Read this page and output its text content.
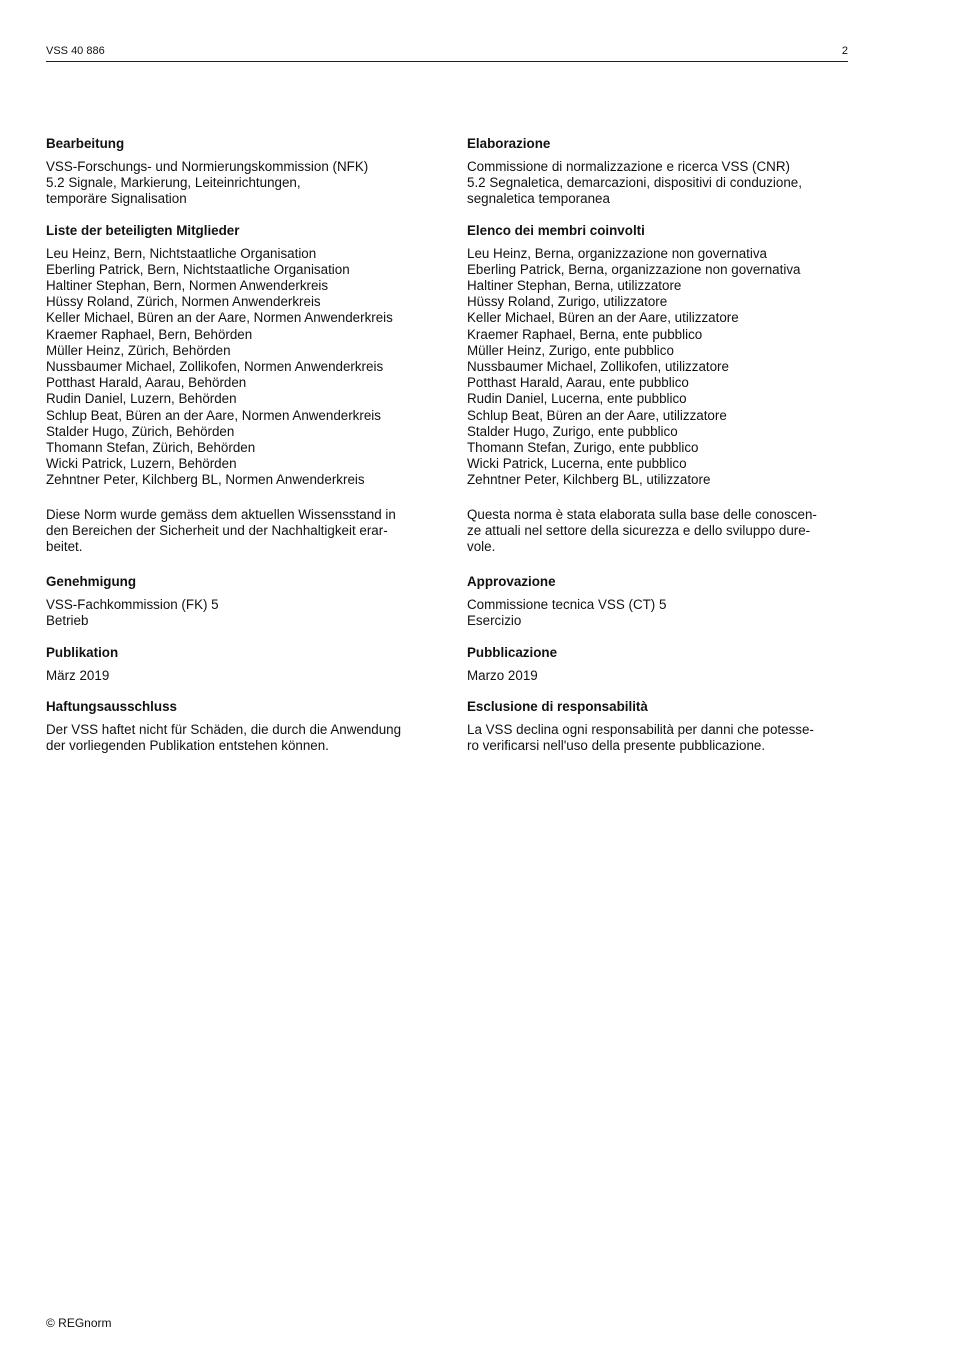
VSS 40 886	2
Bearbeitung

VSS-Forschungs- und Normierungskommission (NFK)

5.2 Signale, Markierung, Leiteinrichtungen,

temporäre Signalisation

Liste der beteiligten Mitglieder

Leu Heinz, Bern, Nichtstaatliche Organisation

Eberling Patrick, Bern, Nichtstaatliche Organisation

Haltiner Stephan, Bern, Normen Anwenderkreis

Hüssy Roland, Zürich, Normen Anwenderkreis

Keller Michael, Büren an der Aare, Normen Anwenderkreis

Kraemer Raphael, Bern, Behörden

Müller Heinz, Zürich, Behörden

Nussbaumer Michael, Zollikofen, Normen Anwenderkreis

Potthast Harald, Aarau, Behörden

Rudin Daniel, Luzern, Behörden

Schlup Beat, Büren an der Aare, Normen Anwenderkreis

Stalder Hugo, Zürich, Behörden

Thomann Stefan, Zürich, Behörden

Wicki Patrick, Luzern, Behörden

Zehntner Peter, Kilchberg BL, Normen Anwenderkreis

Diese Norm wurde gemäss dem aktuellen Wissensstand in

den Bereichen der Sicherheit und der Nachhaltigkeit erar-

beitet.

Genehmigung

VSS-Fachkommission (FK) 5

Betrieb

Publikation

März 2019

Haftungsausschluss

Der VSS haftet nicht für Schäden, die durch die Anwendung

der vorliegenden Publikation entstehen können.

Elaborazione

Commissione di normalizzazione e ricerca VSS (CNR)

5.2 Segnaletica, demarcazioni, dispositivi di conduzione,

segnaletica temporanea

Elenco dei membri coinvolti

Leu Heinz, Berna, organizzazione non governativa

Eberling Patrick, Berna, organizzazione non governativa

Haltiner Stephan, Berna, utilizzatore

Hüssy Roland, Zurigo, utilizzatore

Keller Michael, Büren an der Aare, utilizzatore

Kraemer Raphael, Berna, ente pubblico

Müller Heinz, Zurigo, ente pubblico

Nussbaumer Michael, Zollikofen, utilizzatore

Potthast Harald, Aarau, ente pubblico

Rudin Daniel, Lucerna, ente pubblico

Schlup Beat, Büren an der Aare, utilizzatore

Stalder Hugo, Zurigo, ente pubblico

Thomann Stefan, Zurigo, ente pubblico

Wicki Patrick, Lucerna, ente pubblico

Zehntner Peter, Kilchberg BL, utilizzatore

Questa norma è stata elaborata sulla base delle conoscen-

ze attuali nel settore della sicurezza e dello sviluppo dure-

vole.

Approvazione

Commissione tecnica VSS (CT) 5

Esercizio

Pubblicazione

Marzo 2019

Esclusione di responsabilità

La VSS declina ogni responsabilità per danni che potesse-

ro verificarsi nell'uso della presente pubblicazione.

© REGnorm
